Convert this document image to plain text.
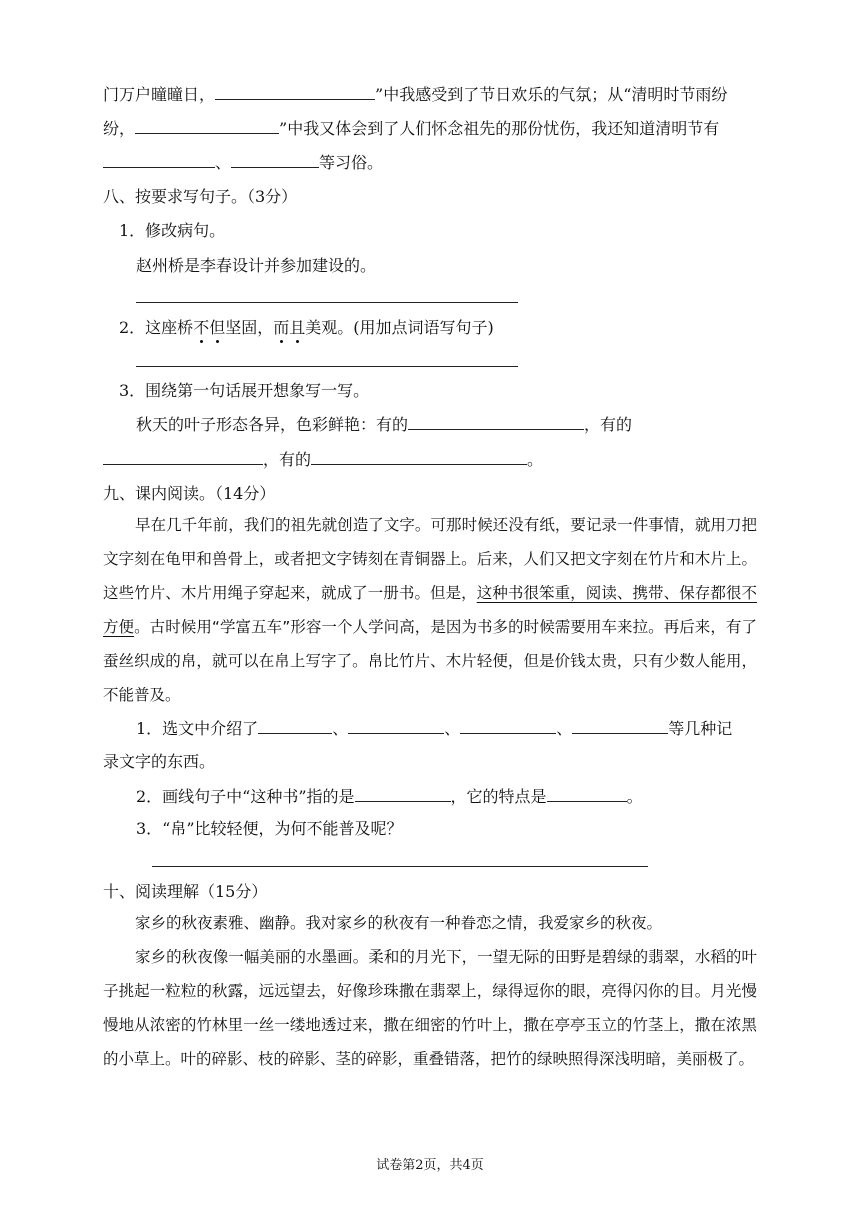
门万户曈曈日，	”中我感受到了节日欢乐的气氛；从“清明时节雨纷
纷，	”中我又体会到了人们怀念祖先的那份忧伤，我还知道清明节有
、	等习俗。
八、按要求写句子。（3分）
1．修改病句。
赵州桥是李春设计并参加建设的。
2．这座桥不但坚固，而且美观。(用加点词语写句子)
3．围绕第一句话展开想象写一写。
秋天的叶子形态各异，色彩鲜艳：有的	，有的
，有的	。
九、课内阅读。（14分）

早在几千年前，我们的祖先就创造了文字。可那时候还没有纸，要记录一件事情，就用刀把文字刻在龟甲和兽骨上，或者把文字铸刻在青铜器上。后来，人们又把文字刻在竹片和木片上。这些竹片、木片用绳子穿起来，就成了一册书。但是，这种书很笨重，阅读、携带、保存都很不方便。古时候用“学富五车”形容一个人学问高，是因为书多的时候需要用车来拉。再后来，有了蚕丝织成的帛，就可以在帛上写字了。帛比竹片、木片轻便，但是价钱太贵，只有少数人能用，不能普及。

1．选文中介绍了	、	、	、	等几种记
录文字的东西。
2．画线句子中“这种书”指的是	，它的特点是	。
3．“帛”比较轻便，为何不能普及呢？
十、阅读理解（15分）

家乡的秋夜素雅、幽静。我对家乡的秋夜有一种眷恋之情，我爱家乡的秋夜。

家乡的秋夜像一幅美丽的水墨画。柔和的月光下，一望无际的田野是碧绿的翡翠，水稻的叶子挑起一粒粒的秋露，远远望去，好像珍珠撒在翡翠上，绿得逗你的眼，亮得闪你的目。月光慢慢地从浓密的竹林里一丝一缕地透过来，撒在细密的竹叶上，撒在亭亭玉立的竹茎上，撒在浓黑的小草上。叶的碎影、枝的碎影、茎的碎影，重叠错落，把竹的绿映照得深浅明暗，美丽极了。

试卷第2页，共4页
